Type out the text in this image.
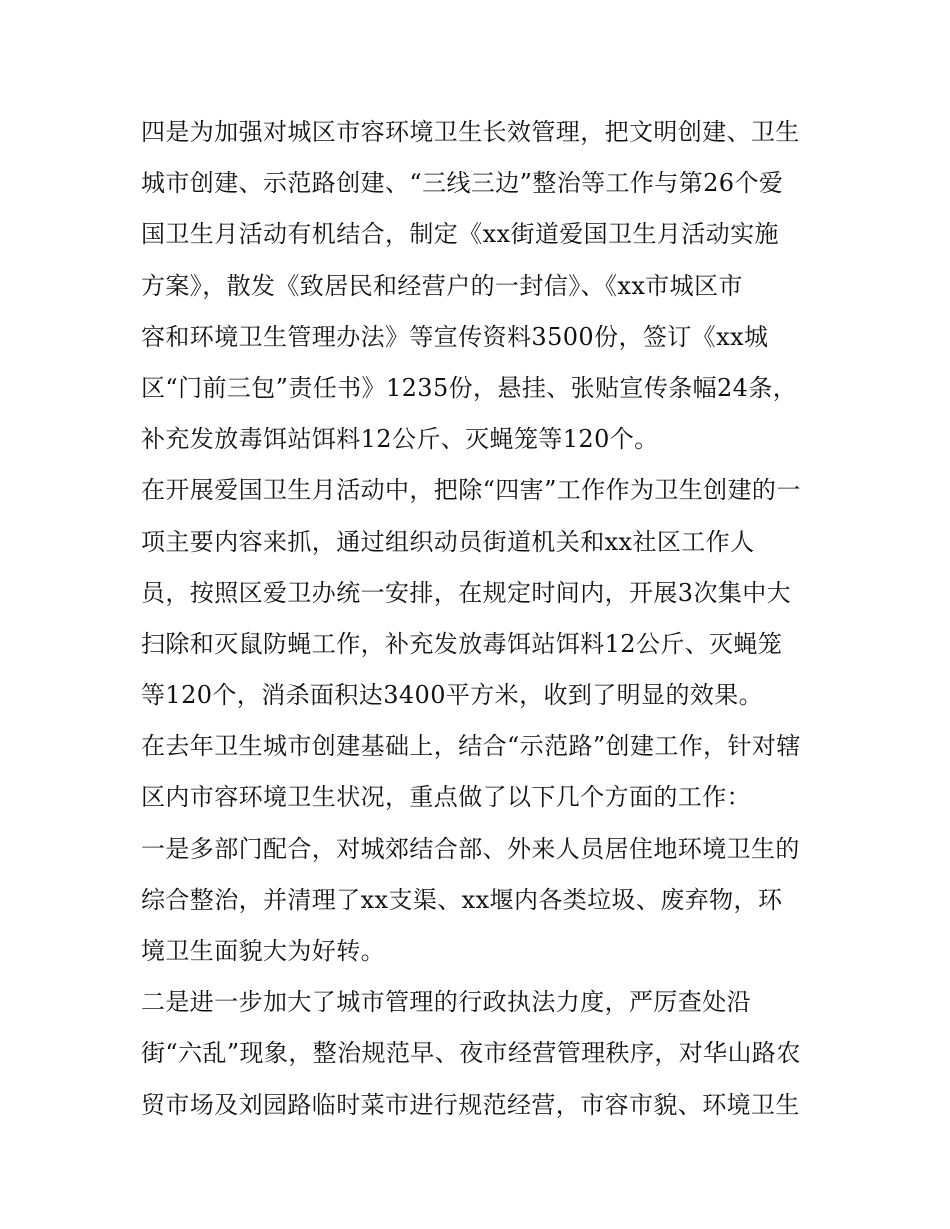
四是为加强对城区市容环境卫生长效管理，把文明创建、卫生
城市创建、示范路创建、“三线三边”整治等工作与第26个爱
国卫生月活动有机结合，制定《xx街道爱国卫生月活动实施
方案》，散发《致居民和经营户的一封信》、《xx市城区市
容和环境卫生管理办法》等宣传资料3500份，签订《xx城
区“门前三包”责任书》1235份，悬挂、张贴宣传条幅24条，
补充发放毒饵站饵料12公斤、灭蝇笼等120个。
在开展爱国卫生月活动中，把除“四害”工作作为卫生创建的一
项主要内容来抓，通过组织动员街道机关和xx社区工作人
员，按照区爱卫办统一安排，在规定时间内，开展3次集中大
扫除和灭鼠防蝇工作，补充发放毒饵站饵料12公斤、灭蝇笼
等120个，消杀面积达3400平方米，收到了明显的效果。
在去年卫生城市创建基础上，结合“示范路”创建工作，针对辖
区内市容环境卫生状况，重点做了以下几个方面的工作：
一是多部门配合，对城郊结合部、外来人员居住地环境卫生的
综合整治，并清理了xx支渠、xx堰内各类垃圾、废弃物，环
境卫生面貌大为好转。
二是进一步加大了城市管理的行政执法力度，严厉查处沿
街“六乱”现象，整治规范早、夜市经营管理秩序，对华山路农
贸市场及刘园路临时菜市进行规范经营，市容市貌、环境卫生
